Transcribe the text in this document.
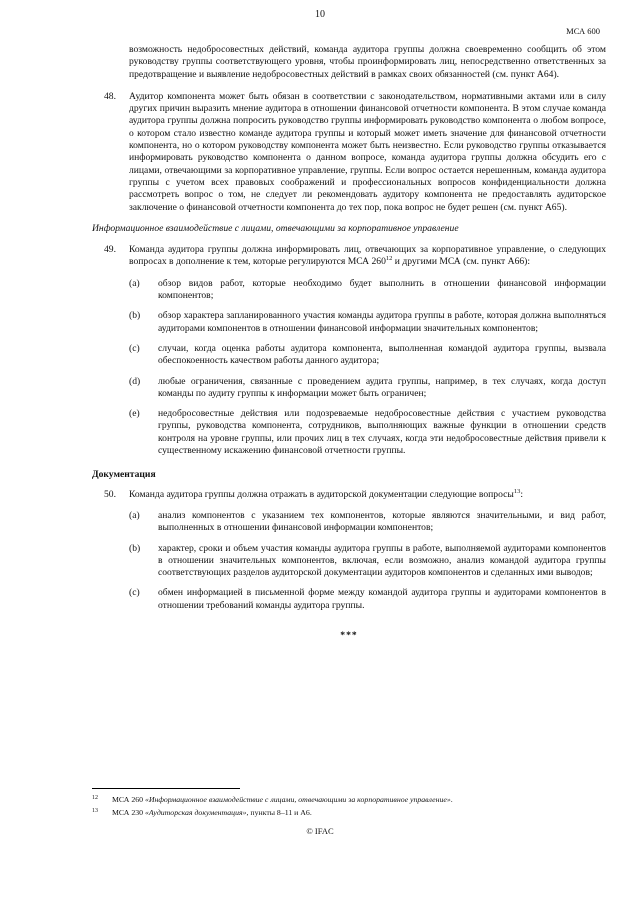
10
МСА 600
возможность недобросовестных действий, команда аудитора группы должна своевременно сообщить об этом руководству группы соответствующего уровня, чтобы проинформировать лиц, непосредственно ответственных за предотвращение и выявление недобросовестных действий в рамках своих обязанностей (см. пункт А64).
48. Аудитор компонента может быть обязан в соответствии с законодательством, нормативными актами или в силу других причин выразить мнение аудитора в отношении финансовой отчетности компонента. В этом случае команда аудитора группы должна попросить руководство группы информировать руководство компонента о любом вопросе, о котором стало известно команде аудитора группы и который может иметь значение для финансовой отчетности компонента, но о котором руководству компонента может быть неизвестно. Если руководство группы отказывается информировать руководство компонента о данном вопросе, команда аудитора группы должна обсудить его с лицами, отвечающими за корпоративное управление, группы. Если вопрос остается нерешенным, команда аудитора группы с учетом всех правовых соображений и профессиональных вопросов конфиденциальности должна рассмотреть вопрос о том, не следует ли рекомендовать аудитору компонента не предоставлять аудиторское заключение о финансовой отчетности компонента до тех пор, пока вопрос не будет решен (см. пункт А65).
Информационное взаимодействие с лицами, отвечающими за корпоративное управление
49. Команда аудитора группы должна информировать лиц, отвечающих за корпоративное управление, о следующих вопросах в дополнение к тем, которые регулируются МСА $260^{12}$ и другими МСА (см. пункт А66):
(a) обзор видов работ, которые необходимо будет выполнить в отношении финансовой информации компонентов;
(b) обзор характера запланированного участия команды аудитора группы в работе, которая должна выполняться аудиторами компонентов в отношении финансовой информации значительных компонентов;
(c) случаи, когда оценка работы аудитора компонента, выполненная командой аудитора группы, вызвала обеспокоенность качеством работы данного аудитора;
(d) любые ограничения, связанные с проведением аудита группы, например, в тех случаях, когда доступ команды по аудиту группы к информации может быть ограничен;
(e) недобросовестные действия или подозреваемые недобросовестные действия с участием руководства группы, руководства компонента, сотрудников, выполняющих важные функции в отношении средств контроля на уровне группы, или прочих лиц в тех случаях, когда эти недобросовестные действия привели к существенному искажению финансовой отчетности группы.
Документация
50. Команда аудитора группы должна отражать в аудиторской документации следующие вопросы$^{13}$:
(a) анализ компонентов с указанием тех компонентов, которые являются значительными, и вид работ, выполненных в отношении финансовой информации компонентов;
(b) характер, сроки и объем участия команды аудитора группы в работе, выполняемой аудиторами компонентов в отношении значительных компонентов, включая, если возможно, анализ командой аудитора группы соответствующих разделов аудиторской документации аудиторов компонентов и сделанных ими выводов;
(c) обмен информацией в письменной форме между командой аудитора группы и аудиторами компонентов в отношении требований команды аудитора группы.
***
12 МСА 260 «Информационное взаимодействие с лицами, отвечающими за корпоративное управление».
13 МСА 230 «Аудиторская документация», пункты 8–11 и А6.
© IFAC
